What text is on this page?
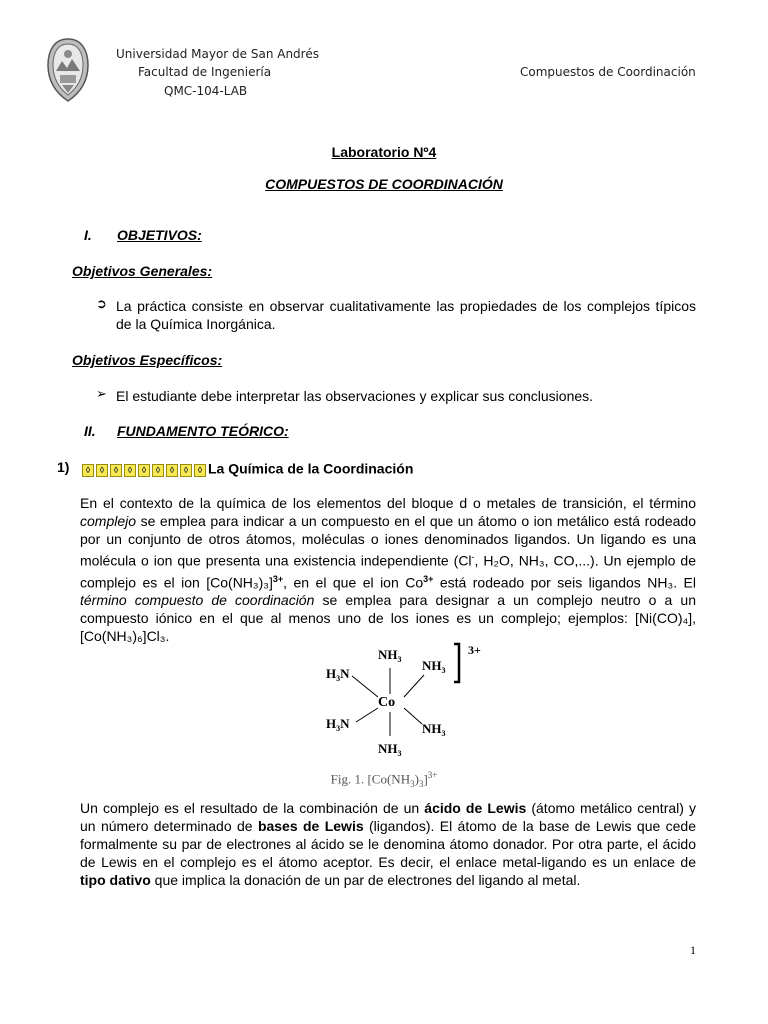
Universidad Mayor de San Andrés
Facultad de Ingeniería
QMC-104-LAB
Compuestos de Coordinación
Laboratorio Nº4
COMPUESTOS DE COORDINACIÓN
I. OBJETIVOS:
Objetivos Generales:
➲ La práctica consiste en observar cualitativamente las propiedades de los complejos típicos de la Química Inorgánica.
Objetivos Específicos:
➢ El estudiante debe interpretar las observaciones y explicar sus conclusiones.
II. FUNDAMENTO TEÓRICO:
1)	◊ ◊ ◊ ◊ ◊ ◊ ◊ ◊ ◊ La Química de la Coordinación
En el contexto de la química de los elementos del bloque d o metales de transición, el término complejo se emplea para indicar a un compuesto en el que un átomo o ion metálico está rodeado por un conjunto de otros átomos, moléculas o iones denominados ligandos. Un ligando es una molécula o ion que presenta una existencia independiente (Cl-, H₂O, NH₃, CO,...). Un ejemplo de complejo es el ion $[Co(NH_3)_3]^{3+}$, en el que el ion $Co^{3+}$ está rodeado por seis ligandos NH₃. El término compuesto de coordinación se emplea para designar a un complejo neutro o a un compuesto iónico en el que al menos uno de los iones es un complejo; ejemplos: [Ni(CO)₄], [Co(NH₃)₆]Cl₃.
$NH_3$
Co
$NH_3$
$H_3N$
$H_3N$
$NH_3$
$NH_3$
3+
Fig. 1. $[Co(NH_3)_3]^{3+}$
Un complejo es el resultado de la combinación de un ácido de Lewis (átomo metálico central) y un número determinado de bases de Lewis (ligandos). El átomo de la base de Lewis que cede formalmente su par de electrones al ácido se le denomina átomo donador. Por otra parte, el ácido de Lewis en el complejo es el átomo aceptor. Es decir, el enlace metal-ligando es un enlace de tipo dativo que implica la donación de un par de electrones del ligando al metal.
1
